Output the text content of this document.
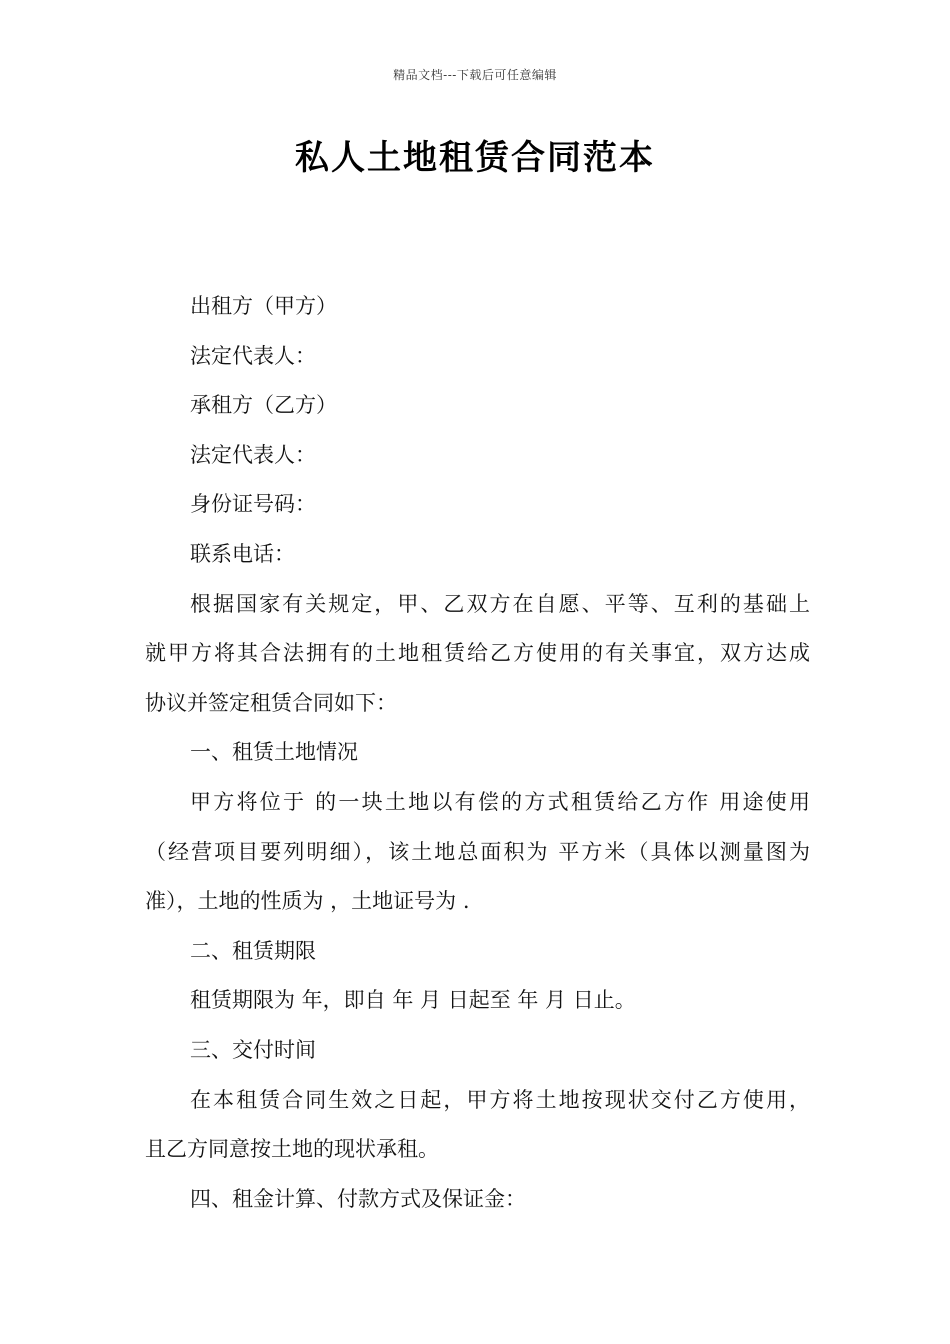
精品文档---下载后可任意编辑
私人土地租赁合同范本
出租方（甲方）
法定代表人：
承租方（乙方）
法定代表人：
身份证号码：
联系电话：
根据国家有关规定，甲、乙双方在自愿、平等、互利的基础上
就甲方将其合法拥有的土地租赁给乙方使用的有关事宜，双方达成
协议并签定租赁合同如下：
一、租赁土地情况
甲方将位于 的一块土地以有偿的方式租赁给乙方作 用途使用
（经营项目要列明细），该土地总面积为 平方米（具体以测量图为
准），土地的性质为 ，土地证号为 .
二、租赁期限
租赁期限为 年，即自 年 月 日起至 年 月 日止。
三、交付时间
在本租赁合同生效之日起，甲方将土地按现状交付乙方使用，
且乙方同意按土地的现状承租。
四、租金计算、付款方式及保证金：
